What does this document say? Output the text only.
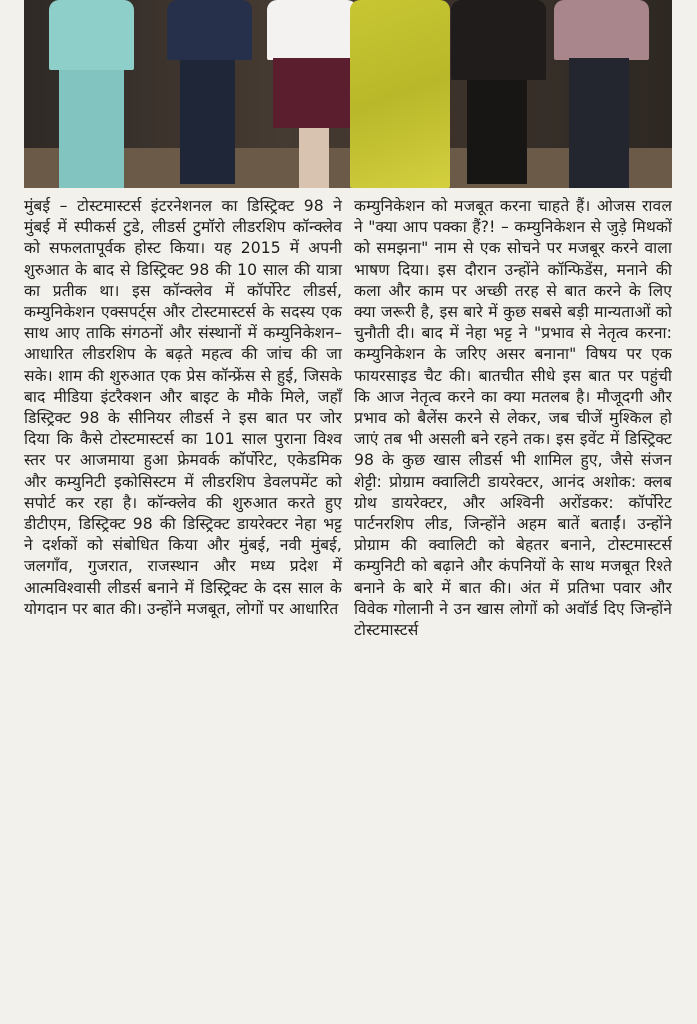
मुंबई – टोस्टमास्टर्स इंटरनेशनल का डिस्ट्रिक्ट 98 ने मुंबई में स्पीकर्स टुडे, लीडर्स टुमॉरो लीडरशिप कॉन्क्लेव को सफलतापूर्वक होस्ट किया। यह 2015 में अपनी शुरुआत के बाद से डिस्ट्रिक्ट 98 की 10 साल की यात्रा का प्रतीक था। इस कॉन्क्लेव में कॉर्पोरेट लीडर्स, कम्युनिकेशन एक्सपर्ट्स और टोस्टमास्टर्स के सदस्य एक साथ आए ताकि संगठनों और संस्थानों में कम्युनिकेशन–आधारित लीडरशिप के बढ़ते महत्व की जांच की जा सके। शाम की शुरुआत एक प्रेस कॉन्फ्रेंस से हुई, जिसके बाद मीडिया इंटरैक्शन और बाइट के मौके मिले, जहाँ डिस्ट्रिक्ट 98 के सीनियर लीडर्स ने इस बात पर जोर दिया कि कैसे टोस्टमास्टर्स का 101 साल पुराना विश्व स्तर पर आजमाया हुआ फ्रेमवर्क कॉर्पोरेट, एकेडमिक और कम्युनिटी इकोसिस्टम में लीडरशिप डेवलपमेंट को सपोर्ट कर रहा है। कॉन्क्लेव की शुरुआत करते हुए डीटीएम, डिस्ट्रिक्ट 98 की डिस्ट्रिक्ट डायरेक्टर नेहा भट्ट ने दर्शकों को संबोधित किया और मुंबई, नवी मुंबई, जलगाँव, गुजरात, राजस्थान और मध्य प्रदेश में आत्मविश्वासी लीडर्स बनाने में डिस्ट्रिक्ट के दस साल के योगदान पर बात की। उन्होंने मजबूत, लोगों पर आधारित

कम्युनिकेशन को मजबूत करना चाहते हैं। ओजस रावल ने "क्या आप पक्का हैं?! – कम्युनिकेशन से जुड़े मिथकों को समझना" नाम से एक सोचने पर मजबूर करने वाला भाषण दिया। इस दौरान उन्होंने कॉन्फिडेंस, मनाने की कला और काम पर अच्छी तरह से बात करने के लिए क्या जरूरी है, इस बारे में कुछ सबसे बड़ी मान्यताओं को चुनौती दी। बाद में नेहा भट्ट ने "प्रभाव से नेतृत्व करना: कम्युनिकेशन के जरिए असर बनाना" विषय पर एक फायरसाइड चैट की। बातचीत सीधे इस बात पर पहुंची कि आज नेतृत्व करने का क्या मतलब है। मौजूदगी और प्रभाव को बैलेंस करने से लेकर, जब चीजें मुश्किल हो जाएं तब भी असली बने रहने तक। इस इवेंट में डिस्ट्रिक्ट 98 के कुछ खास लीडर्स भी शामिल हुए, जैसे संजन शेट्टी: प्रोग्राम क्वालिटी डायरेक्टर, आनंद अशोक: क्लब ग्रोथ डायरेक्टर, और अश्विनी अरोंडकर: कॉर्पोरेट पार्टनरशिप लीड, जिन्होंने अहम बातें बताईं। उन्होंने प्रोग्राम की क्वालिटी को बेहतर बनाने, टोस्टमास्टर्स कम्युनिटी को बढ़ाने और कंपनियों के साथ मजबूत रिश्ते बनाने के बारे में बात की। अंत में प्रतिभा पवार और विवेक गोलानी ने उन खास लोगों को अवॉर्ड दिए जिन्होंने टोस्टमास्टर्स
